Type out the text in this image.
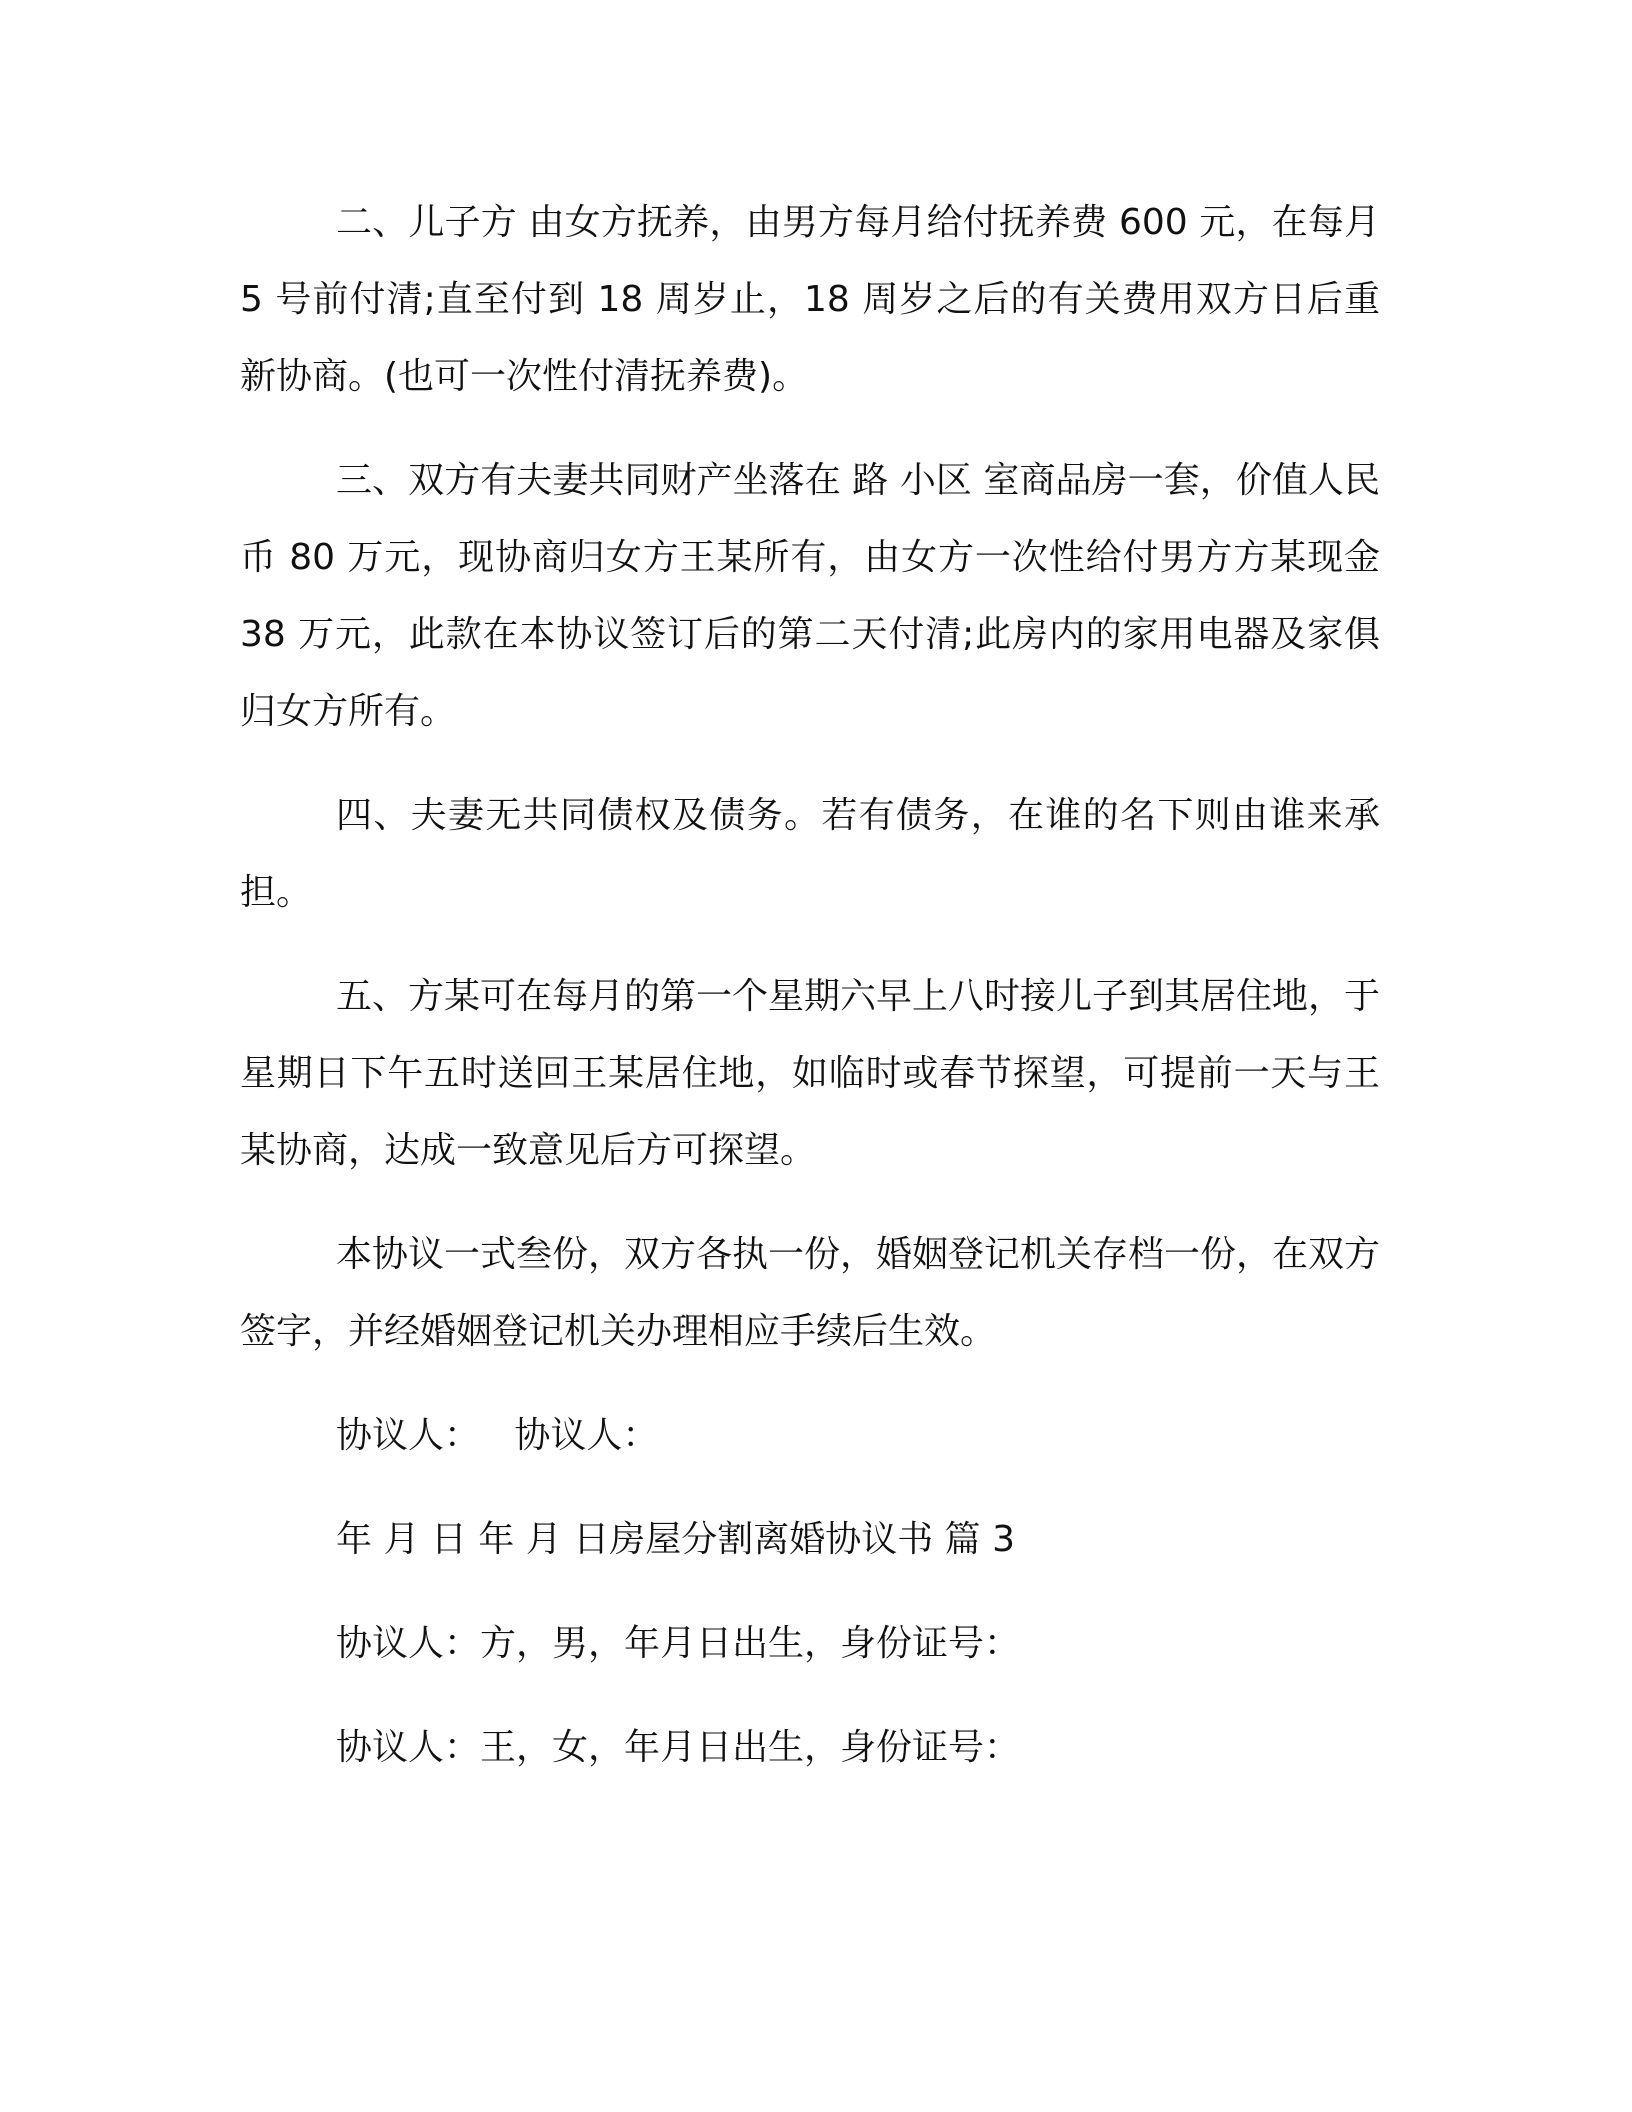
二、儿子方 由女方抚养，由男方每月给付抚养费 600 元，在每月 5 号前付清;直至付到 18 周岁止，18 周岁之后的有关费用双方日后重新协商。(也可一次性付清抚养费)。

三、双方有夫妻共同财产坐落在 路 小区 室商品房一套，价值人民币 80 万元，现协商归女方王某所有，由女方一次性给付男方方某现金 38 万元，此款在本协议签订后的第二天付清;此房内的家用电器及家俱归女方所有。

四、夫妻无共同债权及债务。若有债务，在谁的名下则由谁来承担。

五、方某可在每月的第一个星期六早上八时接儿子到其居住地，于星期日下午五时送回王某居住地，如临时或春节探望，可提前一天与王某协商，达成一致意见后方可探望。

本协议一式叁份，双方各执一份，婚姻登记机关存档一份，在双方签字，并经婚姻登记机关办理相应手续后生效。

协议人：   协议人：

年 月 日 年 月 日房屋分割离婚协议书 篇 3

协议人：方，男，年月日出生，身份证号：

协议人：王，女，年月日出生，身份证号：
